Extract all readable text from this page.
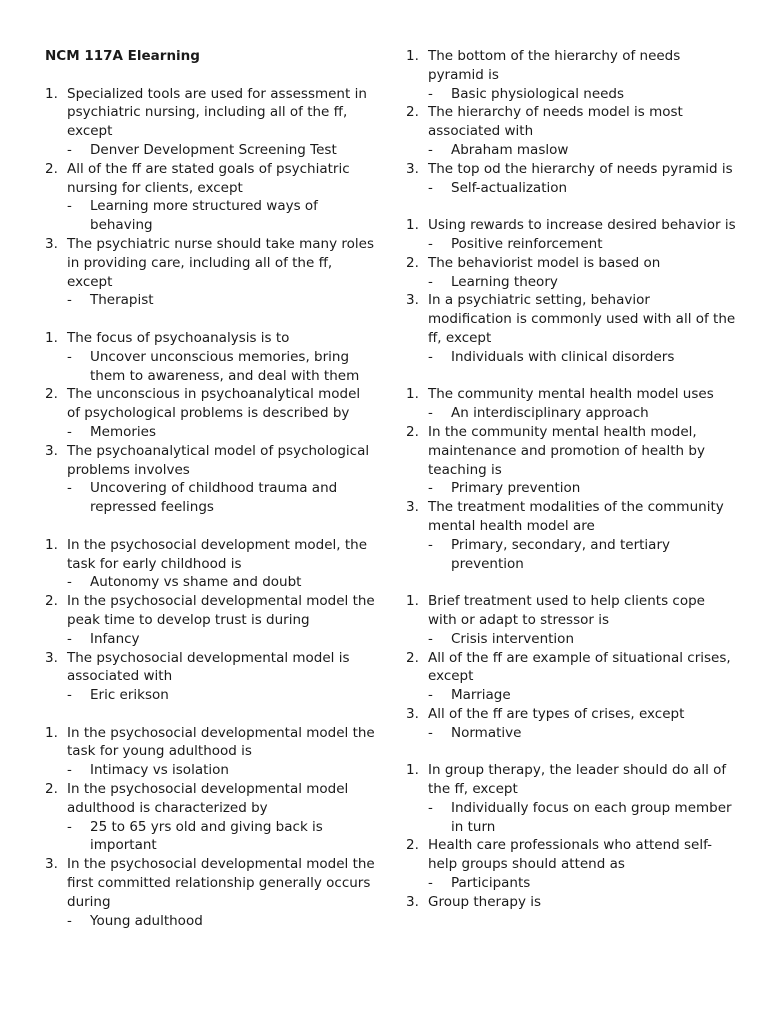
NCM 117A Elearning
1. Specialized tools are used for assessment in psychiatric nursing, including all of the ff, except
- Denver Development Screening Test
2. All of the ff are stated goals of psychiatric nursing for clients, except
- Learning more structured ways of behaving
3. The psychiatric nurse should take many roles in providing care, including all of the ff, except
- Therapist
1. The focus of psychoanalysis is to
- Uncover unconscious memories, bring them to awareness, and deal with them
2. The unconscious in psychoanalytical model of psychological problems is described by
- Memories
3. The psychoanalytical model of psychological problems involves
- Uncovering of childhood trauma and repressed feelings
1. In the psychosocial development model, the task for early childhood is
- Autonomy vs shame and doubt
2. In the psychosocial developmental model the peak time to develop trust is during
- Infancy
3. The psychosocial developmental model is associated with
- Eric erikson
1. In the psychosocial developmental model the task for young adulthood is
- Intimacy vs isolation
2. In the psychosocial developmental model adulthood is characterized by
- 25 to 65 yrs old and giving back is important
3. In the psychosocial developmental model the first committed relationship generally occurs during
- Young adulthood
1. The bottom of the hierarchy of needs pyramid is
- Basic physiological needs
2. The hierarchy of needs model is most associated with
- Abraham maslow
3. The top od the hierarchy of needs pyramid is
- Self-actualization
1. Using rewards to increase desired behavior is
- Positive reinforcement
2. The behaviorist model is based on
- Learning theory
3. In a psychiatric setting, behavior modification is commonly used with all of the ff, except
- Individuals with clinical disorders
1. The community mental health model uses
- An interdisciplinary approach
2. In the community mental health model, maintenance and promotion of health by teaching is
- Primary prevention
3. The treatment modalities of the community mental health model are
- Primary, secondary, and tertiary prevention
1. Brief treatment used to help clients cope with or adapt to stressor is
- Crisis intervention
2. All of the ff are example of situational crises, except
- Marriage
3. All of the ff are types of crises, except
- Normative
1. In group therapy, the leader should do all of the ff, except
- Individually focus on each group member in turn
2. Health care professionals who attend self-help groups should attend as
- Participants
3. Group therapy is
